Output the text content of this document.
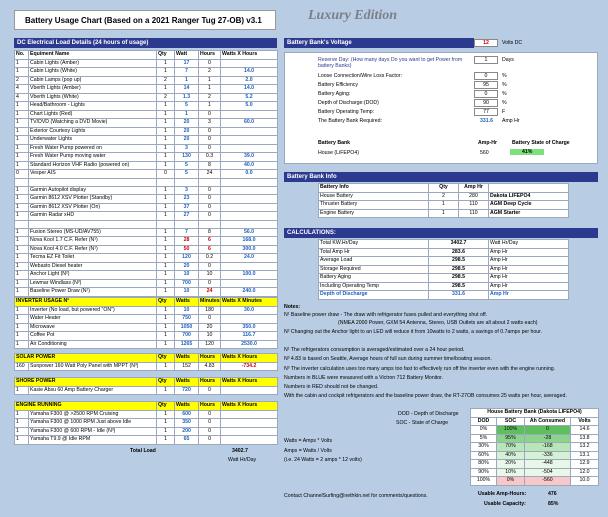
Battery Usage Chart (Based on a 2021 Ranger Tug 27-OB) v3.1	Luxury Edition
DC Electrical Load Details (24 hours of usage)
No.	Equiment Name	Qty	Watt	Hours	Watts X Hours
1	Cabin Lights (Amber)	1	17	0	
1	Cabin Lights (White)	1	7	2	14.0
2	Cabin Lamps (pop up)	2	1	1	2.0
4	Vberth Lights (Amber)	1	14	1	14.0
4	Vberth Lights (White)	2	1.3	2	5.2
1	Head/Bathroom - Lights	1	5	1	5.0
1	Chart Lights (Red)	1	1	0	
1	TV/DVD (Watching a DVD Movie)	1	20	3	60.0
1	Exterior Courtesy Lights	1	20	0	
1	Underwater Lights	1	20	0	
1	Fresh Water Pump powered on	1	3	0	
1	Fresh Water Pump moving water	1	130	0.3	39.0
1	Standard Horizon VHF Radio (powered on)	1	5	8	40.0
0	Vesper AIS	0	5	24	0.0

1	Garmin Autopilot display	1	3	0	
1	Garmin 8612 XSV Plotter (Standby)	1	23	0	
1	Garmin 8612 XSV Plotter (On)	1	37	0	
1	Garmin Radar xHD	1	27	0	

1	Fusion Stereo (MS-UD/AV755)	1	7	8	56.0
1	Nova Kool 1.7 C.F. Refer (N¹)	1	28	6	168.0
1	Nova Kool 4.0 C.F. Refer (N¹)	1	50	6	300.0
1	Tecma EZ Fit Toilet	1	120	0.2	24.0
1	Webasto Diesel heater	1	20	0	
1	Anchor Light (N²)	1	10	10	100.0
1	Lewmar Windlass (N³)	1	700	0	
1	Baseline Power Draw (N¹)	1	10	24	240.0
INVERTER USAGE N²		Qty	Watts	Minutes	Watts X Minutes
1	Inverter (No load, but powered "ON")	1	10	180	30.0
1	Water Heater	1	750	0	
1	Microwave	1	1050	20	350.0
1	Coffee Pot	1	700	10	116.7
1	Air Conditioning	1	1265	120	2530.0
SOLAR POWER		Qty	Watts	Hours	Watts X Hours
160	Sunpower 160 Watt Poly Panel with MPPT (N³)	1	152	4.83	-734.2
SHORE POWER		Qty	Watts	Hours	Watts X Hours
1	Kasie Absu 60 Amp Battery Charger	1	720	0	
ENGINE RUNNING		Qty	Watts	Hours	Watts X Hours
1	Yamaha F300 @ >2500 RPM Cruising	1	600	0	
1	Yamaha F300 @ 1000 RPM Just above Idle	1	350	0	
1	Yamaha F300 @ 600 RPM - Idle (N³)	1	200	0	
1	Yamaha T9.9 @ Idle RPM	1	65	0	
Total Load	3402.7
Watt Hr/Day
Battery Bank's Voltage	12	Volts DC
Reserve Day: (How many days Do you want to get Power from battery Banks)
1	Days
Loose Connection/Wire Loss Factor:	0	%
Battery Efficiency	95	%
Battery Aging:	0	%
Depth of Discharge:(DOD)	90	%
Battery Operating Temp:	77	F
The Battery Bank Required:	331.6 Amp Hr
Battery Bank	Amp-Hr	Battery State of Charge
House (LiFEPO4)	560	41%
Battery Bank Info
Battery Info	Qty	Amp Hr	
House Battery	2	280	Dakota LIFEPO4
Thruster Battery	1	110	AGM Deep Cycle
Engine Battery	1	110	AGM Starter
CALCULATIONS:
Total KW.Hr/Day	3402.7	Watt Hr/Day
Total Amp Hr	283.6	Amp Hr
Average Load	298.5	Amp Hr
Storage Required	298.5	Amp Hr
Battery Aging	298.5	Amp Hr
Including Operating Temp	298.5	Amp Hr
Depth of Discharge	331.6	Amp Hr
Notes:
N¹ Baseline power draw - The draw with refrigerator fuses pulled and everything shut off.
(NMEA 2000 Power, GXM 54 Antenna, Stereo, USB Outlets are all about 2 watts each)
N² Changing out the Anchor light to an LED will reduce it from 10watts to 2 watts, a savings of 0.7amps per hour.
N¹ The refrigerators consumption is averaged/estimated over a 24 hour period.
N³ 4.83 is based on Seattle, Average hours of full sun during summer time/boating season.
N³ The inverter calculation uses too many amps too fast to effectively run off the inverter even with the engine running.
Numbers in BLUE were measured with a Victron 712 Battery Monitor.
Numbers in RED should not be changed.
With the cabin and cockpit refrigerators and the baseline power draw, the RT-27OB consumes 25 watts per hour, averaged.
DOD - Depth of Discharge
SOC - State of Charge
Watts = Amps * Volts
Amps = Watts / Volts
(i.e. 24 Watts = 2 amps * 12 volts)
Contact ChannelSurfing@nethkin.net for comments/questions.
House Battery Bank (Dakota LIFEPO4)			
DOD	SOC	Ah Consumed	Volts
0%	100%	0	14.6
5%	95%	-28	13.8
30%	70%	-168	13.2
60%	40%	-336	13.1
80%	20%	-448	12.9
90%	10%	-504	12.0
100%	0%	-560	10.0
Usable Amp-Hours:	476
Usable Capacity:	85%
